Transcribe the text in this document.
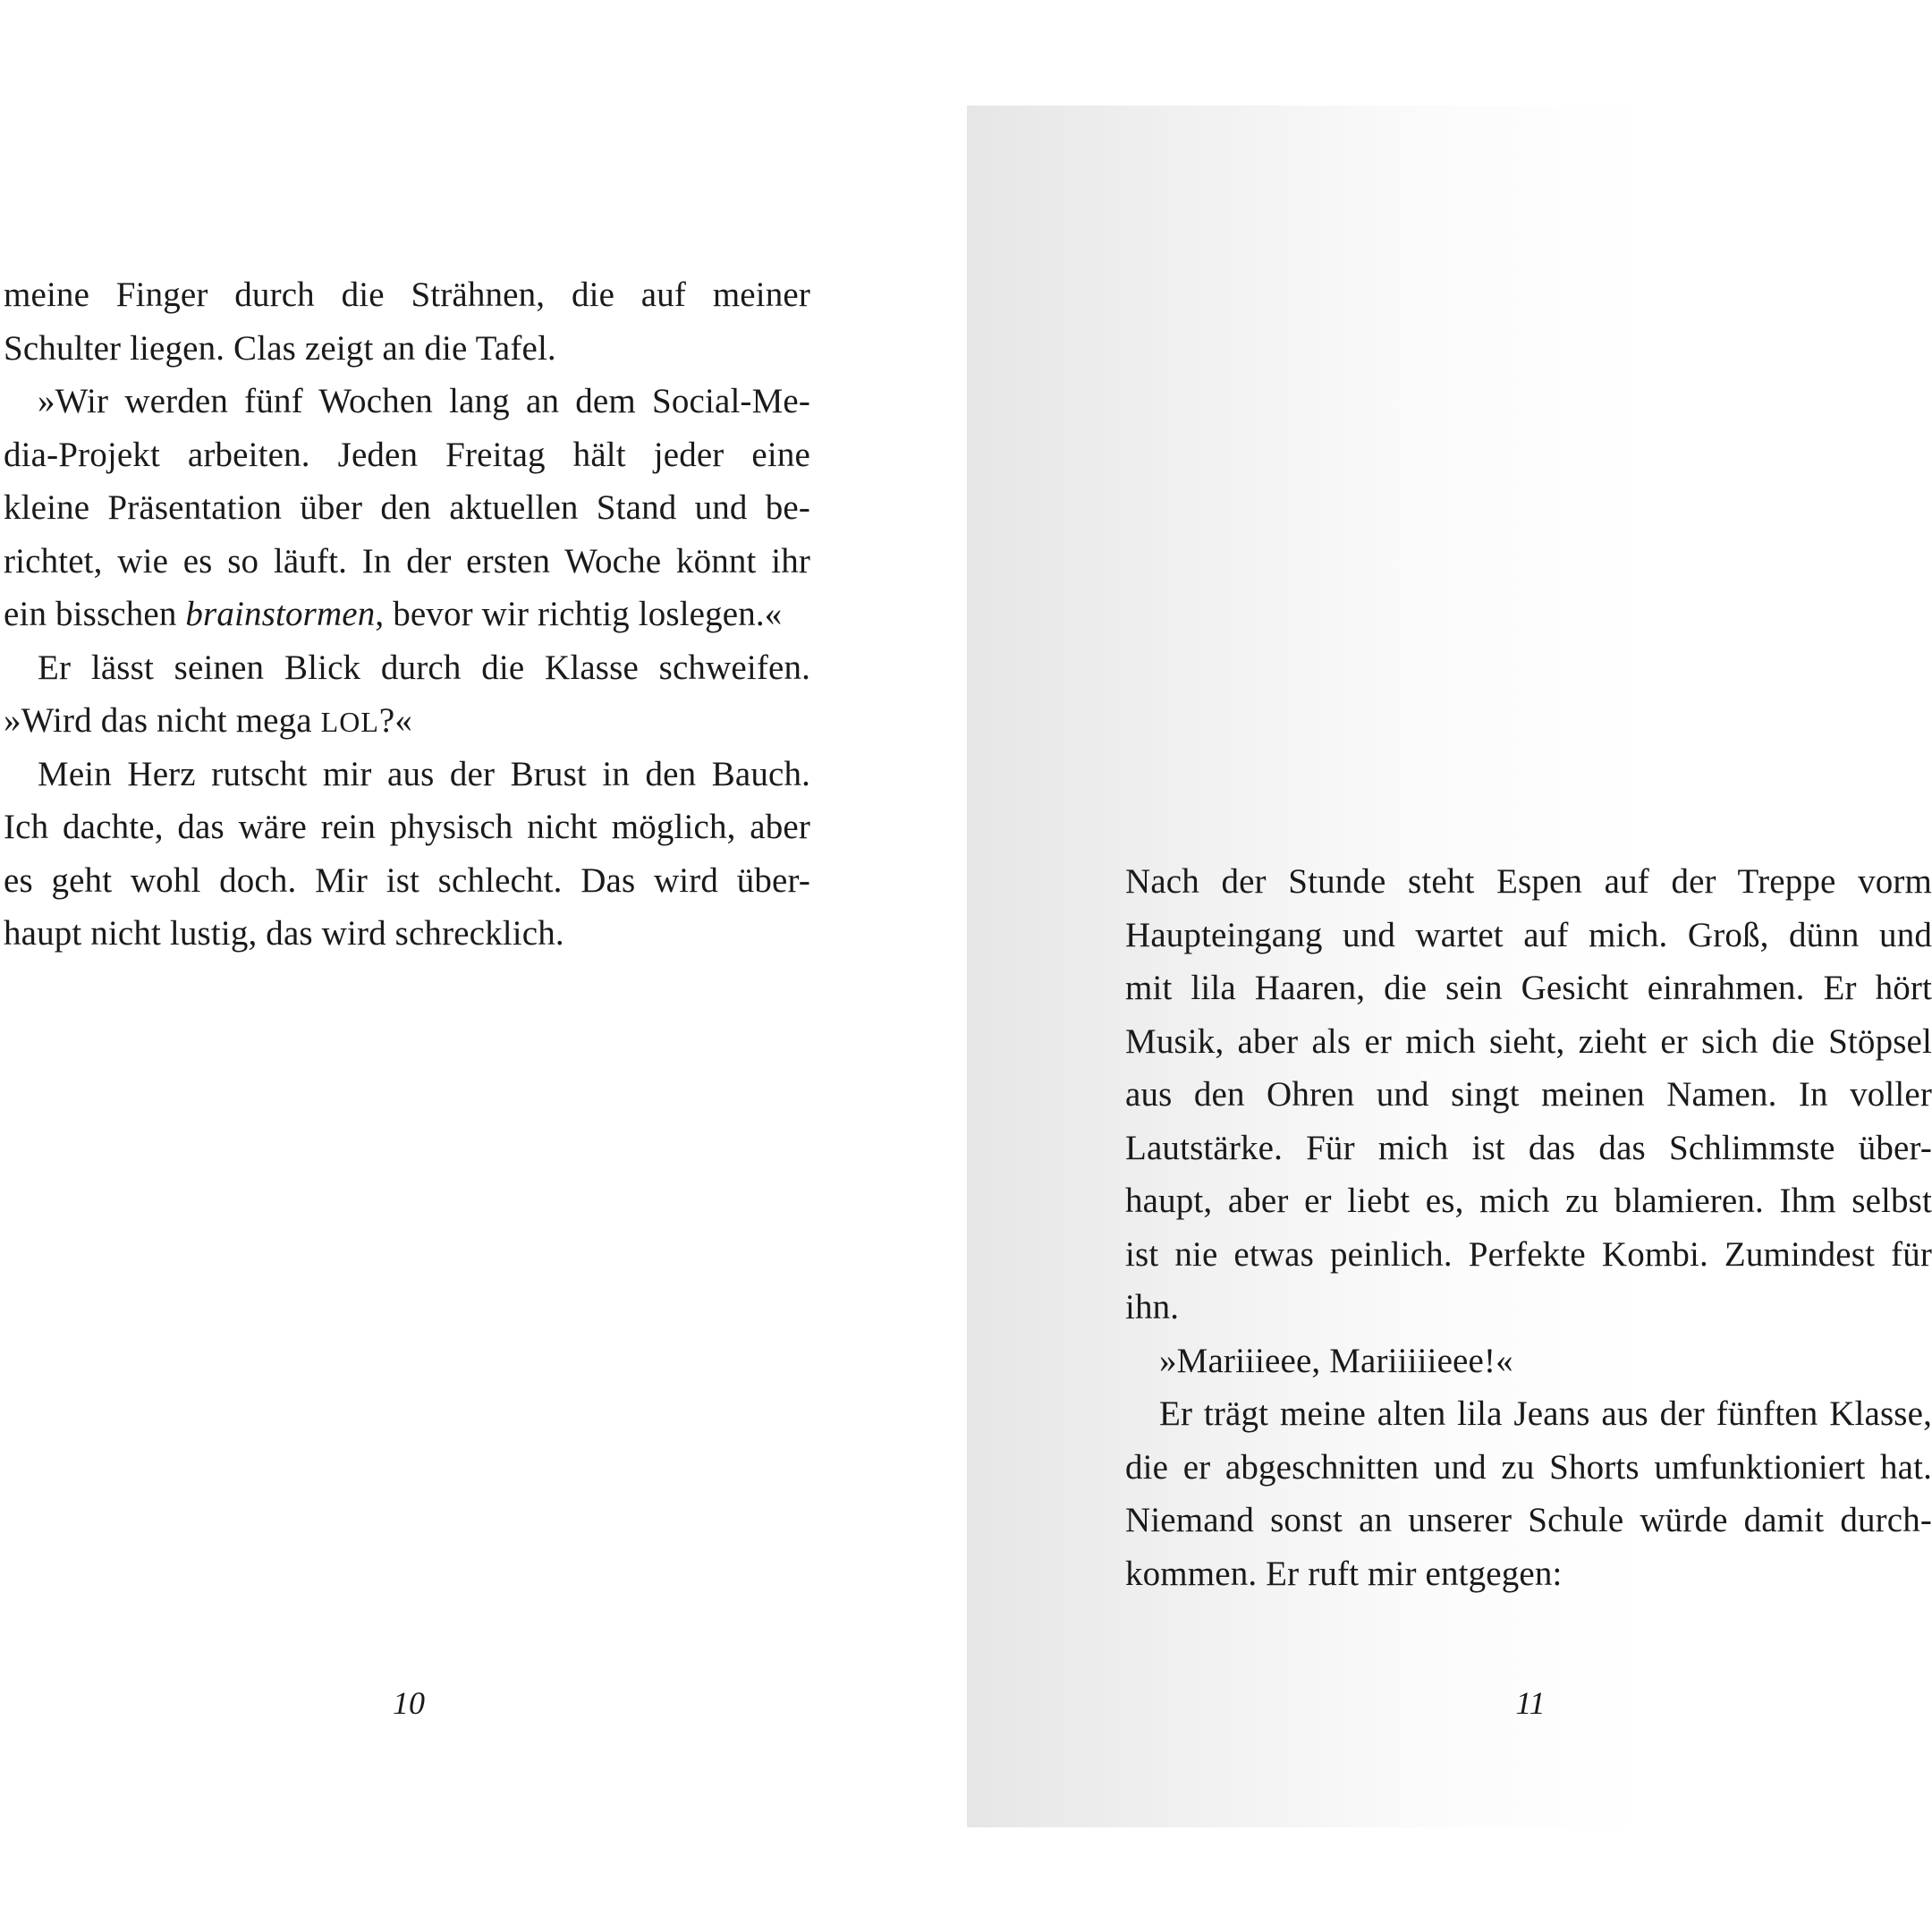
meine Finger durch die Strähnen, die auf meiner
Schulter liegen. Clas zeigt an die Tafel.
»Wir werden fünf Wochen lang an dem Social-Me-
dia-Projekt arbeiten. Jeden Freitag hält jeder eine
kleine Präsentation über den aktuellen Stand und be-
richtet, wie es so läuft. In der ersten Woche könnt ihr
ein bisschen brainstormen, bevor wir richtig loslegen.«
Er lässt seinen Blick durch die Klasse schweifen.
»Wird das nicht mega LOL?«
Mein Herz rutscht mir aus der Brust in den Bauch.
Ich dachte, das wäre rein physisch nicht möglich, aber
es geht wohl doch. Mir ist schlecht. Das wird über-
haupt nicht lustig, das wird schrecklich.
Nach der Stunde steht Espen auf der Treppe vorm
Haupteingang und wartet auf mich. Groß, dünn und
mit lila Haaren, die sein Gesicht einrahmen. Er hört
Musik, aber als er mich sieht, zieht er sich die Stöpsel
aus den Ohren und singt meinen Namen. In voller
Lautstärke. Für mich ist das das Schlimmste über-
haupt, aber er liebt es, mich zu blamieren. Ihm selbst
ist nie etwas peinlich. Perfekte Kombi. Zumindest für
ihn.
»Mariiieee, Mariiiiieee!«
Er trägt meine alten lila Jeans aus der fünften Klasse,
die er abgeschnitten und zu Shorts umfunktioniert hat.
Niemand sonst an unserer Schule würde damit durch-
kommen. Er ruft mir entgegen:
10	11
